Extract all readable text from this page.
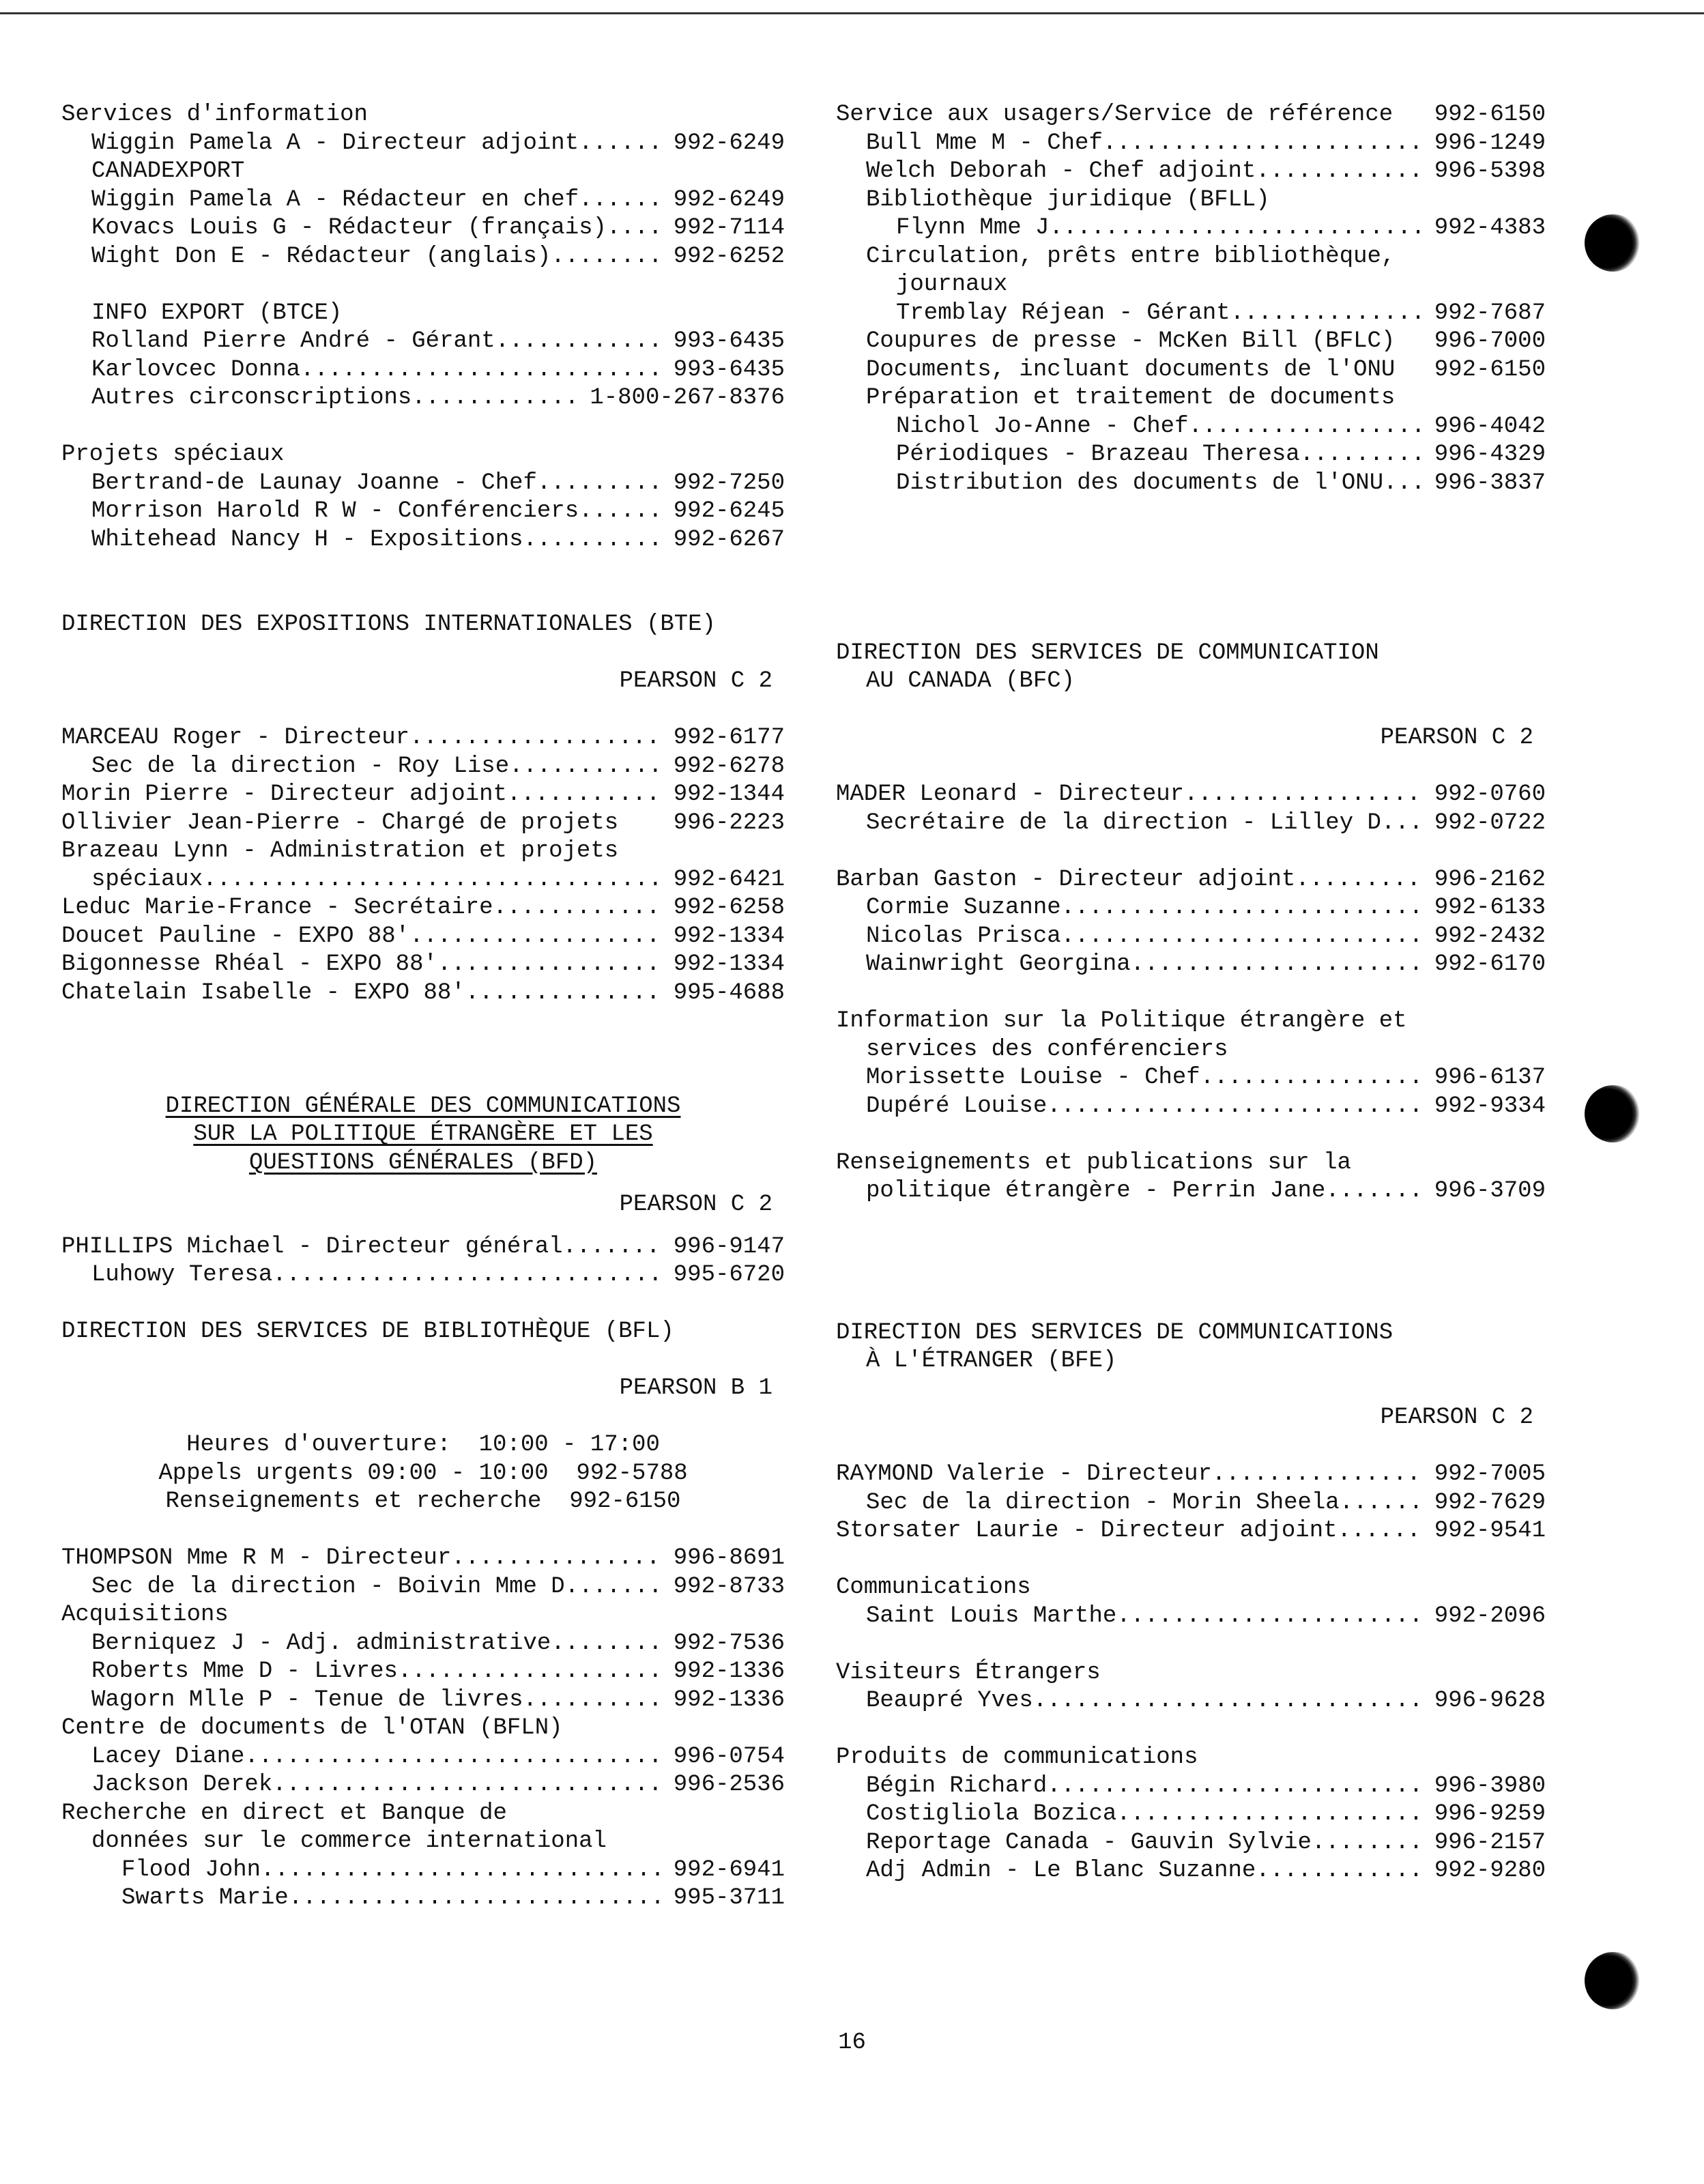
Services d'information
Wiggin Pamela A - Directeur adjoint .....	992-6249
CANADEXPORT
Wiggin Pamela A - Rédacteur en chef .....	992-6249
Kovacs Louis G - Rédacteur (français) .....	992-7114
Wight Don E - Rédacteur (anglais) .....	992-6252
INFO EXPORT (BTCE)
Rolland Pierre André - Gérant .....	993-6435
Karlovcec Donna .....	993-6435
Autres circonscriptions .....	1-800-267-8376
Projets spéciaux
Bertrand-de Launay Joanne - Chef .....	992-7250
Morrison Harold R W - Conférenciers .....	992-6245
Whitehead Nancy H - Expositions .....	992-6267
DIRECTION DES EXPOSITIONS INTERNATIONALES (BTE)
PEARSON C 2
MARCEAU Roger - Directeur .....	992-6177
Sec de la direction - Roy Lise .....	992-6278
Morin Pierre - Directeur adjoint .....	992-1344
Ollivier Jean-Pierre - Chargé de projets	996-2223
Brazeau Lynn - Administration et projets
spéciaux .....	992-6421
Leduc Marie-France - Secrétaire .....	992-6258
Doucet Pauline - EXPO 88' .....	992-1334
Bigonnesse Rhéal - EXPO 88' .....	992-1334
Chatelain Isabelle - EXPO 88' .....	995-4688
DIRECTION GÉNÉRALE DES COMMUNICATIONS
SUR LA POLITIQUE ÉTRANGÈRE ET LES
QUESTIONS GÉNÉRALES (BFD)
PEARSON C 2
PHILLIPS Michael - Directeur général .....	996-9147
Luhowy Teresa .....	995-6720
DIRECTION DES SERVICES DE BIBLIOTHÈQUE (BFL)
PEARSON B 1
Heures d'ouverture:  10:00 - 17:00
Appels urgents 09:00 - 10:00  992-5788
Renseignements et recherche  992-6150
THOMPSON Mme R M - Directeur .....	996-8691
Sec de la direction - Boivin Mme D .....	992-8733
Acquisitions
Berniquez J - Adj. administrative .....	992-7536
Roberts Mme D - Livres .....	992-1336
Wagorn Mlle P - Tenue de livres .....	992-1336
Centre de documents de l'OTAN (BFLN)
Lacey Diane .....	996-0754
Jackson Derek .....	996-2536
Recherche en direct et Banque de
données sur le commerce international
Flood John .....	992-6941
Swarts Marie .....	995-3711
Service aux usagers/Service de référence	992-6150
Bull Mme M - Chef .....	996-1249
Welch Deborah - Chef adjoint .....	996-5398
Bibliothèque juridique (BFLL)
Flynn Mme J .....	992-4383
Circulation, prêts entre bibliothèque,
journaux
Tremblay Réjean - Gérant .....	992-7687
Coupures de presse - McKen Bill (BFLC)	996-7000
Documents, incluant documents de l'ONU	992-6150
Préparation et traitement de documents
Nichol Jo-Anne - Chef .....	996-4042
Périodiques - Brazeau Theresa .....	996-4329
Distribution des documents de l'ONU .....	996-3837
DIRECTION DES SERVICES DE COMMUNICATION
AU CANADA (BFC)
PEARSON C 2
MADER Leonard - Directeur .....	992-0760
Secrétaire de la direction - Lilley D .....	992-0722
Barban Gaston - Directeur adjoint .....	996-2162
Cormie Suzanne .....	992-6133
Nicolas Prisca .....	992-2432
Wainwright Georgina .....	992-6170
Information sur la Politique étrangère et
services des conférenciers
Morissette Louise - Chef .....	996-6137
Dupéré Louise .....	992-9334
Renseignements et publications sur la
politique étrangère - Perrin Jane .....	996-3709
DIRECTION DES SERVICES DE COMMUNICATIONS
À L'ÉTRANGER (BFE)
PEARSON C 2
RAYMOND Valerie - Directeur .....	992-7005
Sec de la direction - Morin Sheela .....	992-7629
Storsater Laurie - Directeur adjoint .....	992-9541
Communications
Saint Louis Marthe .....	992-2096
Visiteurs Étrangers
Beaupré Yves .....	996-9628
Produits de communications
Bégin Richard .....	996-3980
Costigliola Bozica .....	996-9259
Reportage Canada - Gauvin Sylvie .....	996-2157
Adj Admin - Le Blanc Suzanne .....	992-9280
16
